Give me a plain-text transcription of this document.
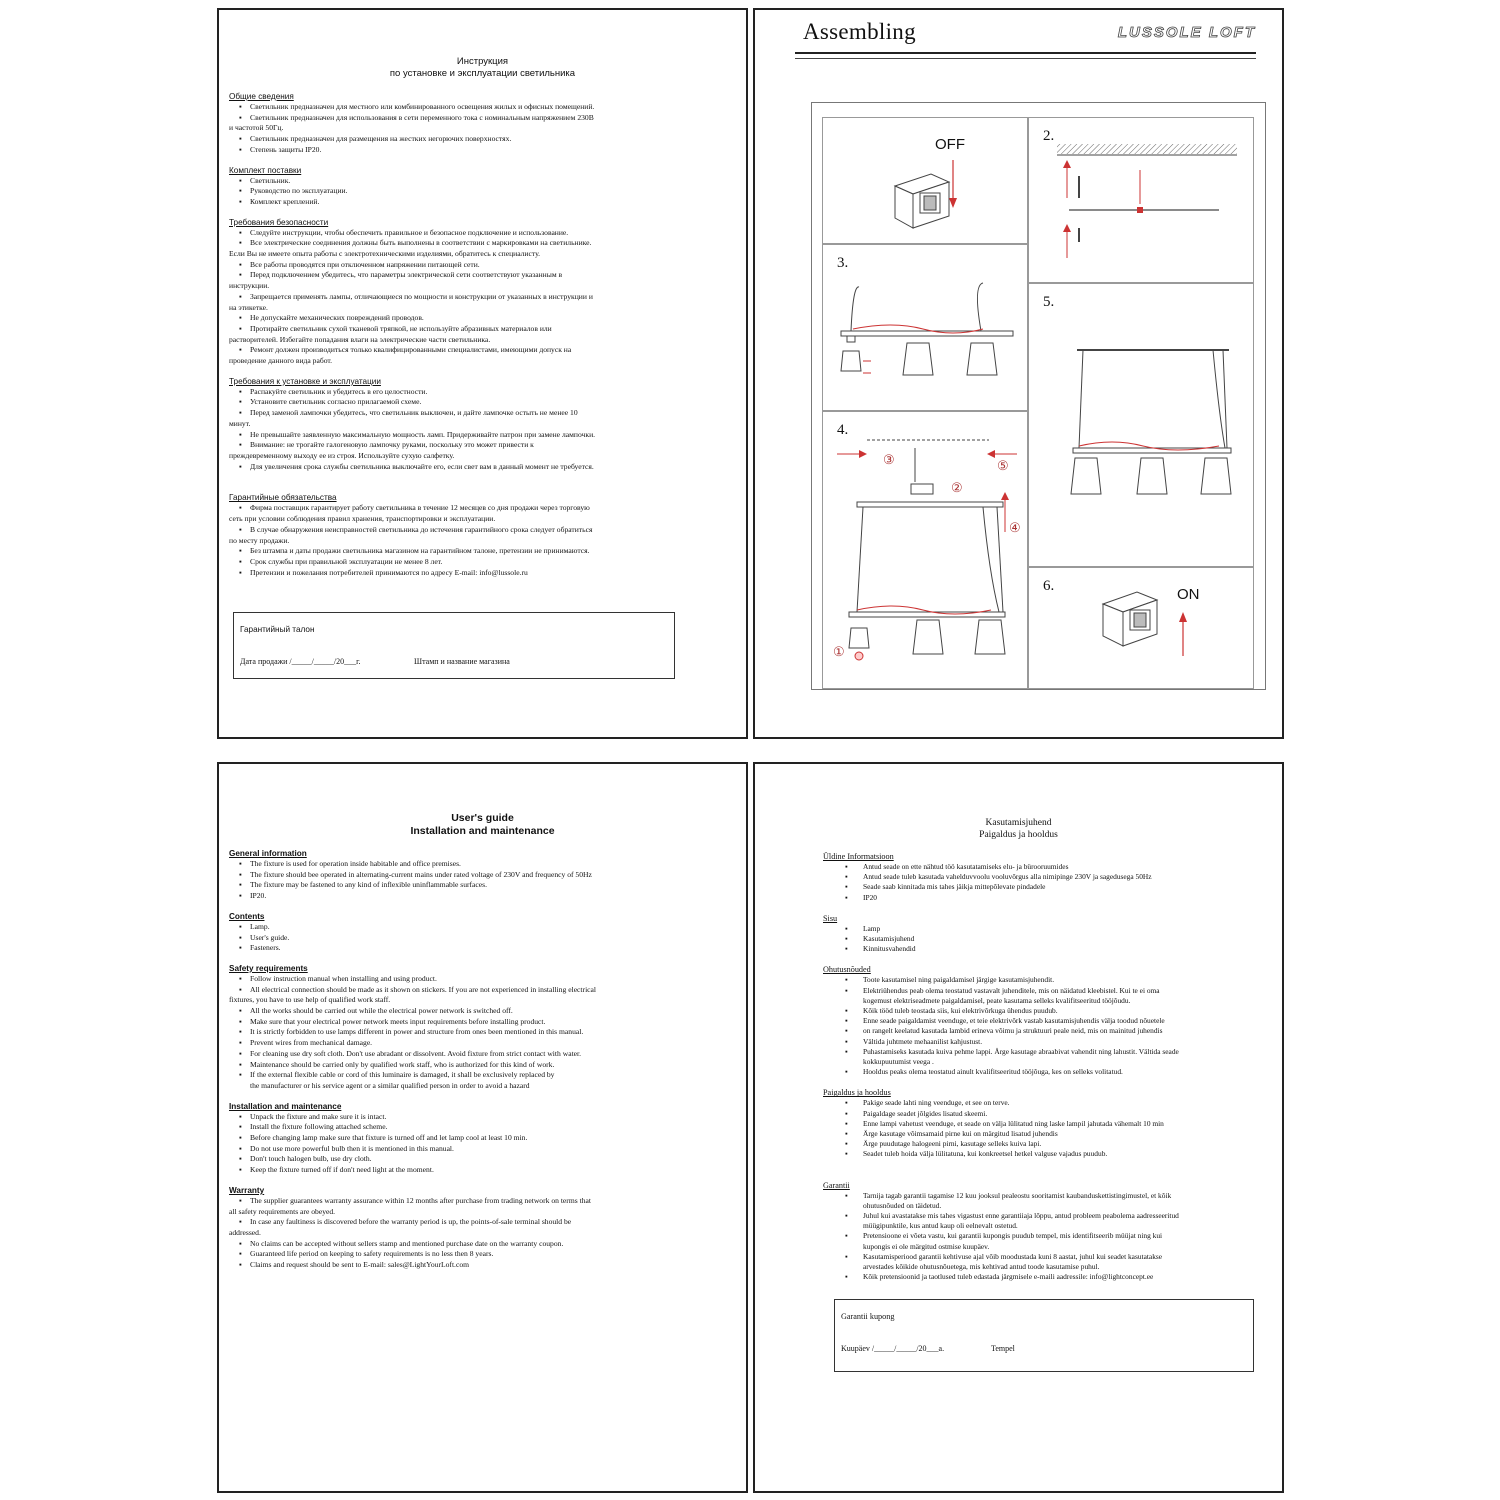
Инструкция
по установке и эксплуатации светильника
Общие сведения
▪ Светильник предназначен для местного или комбинированного освещения жилых и офисных помещений.
▪ Светильник предназначен для использования в сети переменного тока с номинальным напряжением 230В
и частотой 50Гц.
▪ Светильник предназначен для размещения на жестких негорючих поверхностях.
▪ Степень защиты IP20.
Комплект поставки
▪ Светильник.
▪ Руководство по эксплуатации.
▪ Комплект креплений.
Требования безопасности
▪ Следуйте инструкции, чтобы обеспечить правильное и безопасное подключение и использование.
▪ Все электрические соединения должны быть выполнены в соответствии с маркировками на светильнике.
Если Вы не имеете опыта работы с электротехническими изделиями, обратитесь к специалисту.
▪ Все работы проводятся при отключенном напряжении питающей сети.
▪ Перед подключением убедитесь, что параметры электрической сети соответствуют указанным в
инструкции.
▪ Запрещается применять лампы, отличающиеся по мощности и конструкции от указанных в инструкции и
на этикетке.
▪ Не допускайте механических повреждений проводов.
▪ Протирайте светильник сухой тканевой тряпкой, не используйте абразивных материалов или
растворителей. Избегайте попадания влаги на электрические части светильника.
▪ Ремонт должен производиться только квалифицированными специалистами, имеющими допуск на
проведение данного вида работ.
Требования к установке и эксплуатации
▪ Распакуйте светильник и убедитесь в его целостности.
▪ Установите светильник согласно прилагаемой схеме.
▪ Перед заменой лампочки убедитесь, что светильник выключен, и дайте лампочке остыть не менее 10
минут.
▪ Не превышайте заявленную максимальную мощность ламп. Придерживайте патрон при замене лампочки.
▪ Внимание: не трогайте галогеновую лампочку руками, поскольку это может привести к
преждевременному выходу ее из строя. Используйте сухую салфетку.
▪ Для увеличения срока службы светильника выключайте его, если свет вам в данный момент не требуется.
Гарантийные обязательства
▪ Фирма поставщик гарантирует работу светильника в течение 12 месяцев со дня продажи через торговую
сеть при условии соблюдения правил хранения, транспортировки и эксплуатации.
▪ В случае обнаружения неисправностей светильника до истечения гарантийного срока следует обратиться
по месту продажи.
▪ Без штампа и даты продажи светильника магазином на гарантийном талоне, претензии не принимаются.
▪ Срок службы при правильной эксплуатации не менее 8 лет.
▪ Претензии и пожелания потребителей принимаются по адресу E-mail: info@lussole.ru
Гарантийный талон
Дата продажи /_____/_____/20___г.	Штамп и название магазина
Assembling	LUSSOLE LOFT
OFF	2.
3.
4.
①
②
③
④
⑤
5.
6.	ON
User's guide
Installation and maintenance
General information
▪ The fixture is used for operation inside habitable and office premises.
▪ The fixture should bee operated in alternating-current mains under rated voltage of 230V and frequency of 50Hz
▪ The fixture may be fastened to any kind of inflexible uninflammable surfaces.
▪ IP20.
Contents
▪ Lamp.
▪ User's guide.
▪ Fasteners.
Safety requirements
▪ Follow instruction manual when installing and using product.
▪ All electrical connection should be made as it shown on stickers. If you are not experienced in installing electrical
fixtures, you have to use help of qualified work staff.
▪ All the works should be carried out while the electrical power network is switched off.
▪ Make sure that your electrical power network meets input requirements before installing product.
▪ It is strictly forbidden to use lamps different in power and structure from ones been mentioned in this manual.
▪ Prevent wires from mechanical damage.
▪ For cleaning use dry soft cloth. Don't use abradant or dissolvent. Avoid fixture from strict contact with water.
▪ Maintenance should be carried only by qualified work staff, who is authorized for this kind of work.
▪ If the external flexible cable or cord of this luminaire is damaged, it shall be exclusively replaced by
the manufacturer or his service agent or a similar qualified person in order to avoid a hazard
Installation and maintenance
▪ Unpack the fixture and make sure it is intact.
▪ Install the fixture following attached scheme.
▪ Before changing lamp make sure that fixture is turned off and let lamp cool at least 10 min.
▪ Do not use more powerful bulb then it is mentioned in this manual.
▪ Don't touch halogen bulb, use dry cloth.
▪ Keep the fixture turned off if don't need light at the moment.
Warranty
▪ The supplier guarantees warranty assurance within 12 months after purchase from trading network on terms that
all safety requirements are obeyed.
▪ In case any faultiness is discovered before the warranty period is up, the points-of-sale terminal should be
addressed.
▪ No claims can be accepted without sellers stamp and mentioned purchase date on the warranty coupon.
▪ Guaranteed life period on keeping to safety requirements is no less then 8 years.
▪ Claims and request should be sent to E-mail: sales@LightYourLoft.com
Kasutamisjuhend
Paigaldus ja hooldus
Üldine Informatsioon
▪ Antud seade on ette nähtud töö kasutatamiseks elu- ja bürooruumides
▪ Antud seade tuleb kasutada vahelduvvoolu vooluvõrgus alla nimipinge 230V ja sagedusega 50Hz
▪ Seade saab kinnitada mis tahes jäikja mittepõlevate pindadele
▪ IP20
Sisu
▪ Lamp
▪ Kasutamisjuhend
▪ Kinnitusvahendid
Ohutusnõuded
▪ Toote kasutamisel ning paigaldamisel järgige kasutamisjuhendit.
▪ Elektriühendus peab olema teostatud vastavalt juhenditele, mis on näidatud kleebistel. Kui te ei oma
kogemust elektriseadmete paigaldamisel, peate kasutama selleks kvalifitseeritud tööjõudu.
▪ Kõik tööd tuleb teostada siis, kui elektrivõrkuga ühendus puudub.
▪ Enne seade paigaldamist veenduge, et teie elektrivõrk vastab kasutamisjuhendis välja toodud nõuetele
▪ on rangelt keelatud kasutada lambid erineva võimu ja struktuuri peale neid, mis on mainitud juhendis
▪ Vältida juhtmete mehaanilist kahjustust.
▪ Puhastamiseks kasutada kuiva pehme lappi. Ärge kasutage abraabivat vahendit ning lahustit. Vältida seade
kokkupuutumist veega .
▪ Hooldus peaks olema teostatud ainult kvalifitseeritud tööjõuga, kes on selleks volitatud.
Paigaldus ja hooldus
▪ Pakige seade lahti ning veenduge, et see on terve.
▪ Paigaldage seadet jõlgides lisatud skeemi.
▪ Enne lampi vahetust veenduge, et seade on välja lülitatud ning laske lampil jahutada vähemalt 10 min
▪ Ärge kasutage võimsamaid pirne kui on märgitud lisatud juhendis
▪ Ärge puudutage halogeeni pirni, kasutage selleks kuiva lapi.
▪ Seadet tuleb hoida välja lülitatuna, kui konkreetsel hetkel valguse vajadus puudub.
Garantii
▪ Tarnija tagab garantii tagamise 12 kuu jooksul pealeostu sooritamist kaubanduskettistingimustel, et kõik
ohutusnõuded on täidetud.
▪ Juhul kui avastatakse mis tahes vigastust enne garantiiaja lõppu, antud probleem peabolema aadresseeritud
müügipunktile, kus antud kaup oli eelnevalt ostetud.
▪ Pretensioone ei võeta vastu, kui garantii kupongis puudub tempel, mis identifitseerib müüjat ning kui
kupongis ei ole märgitud ostmise kuupäev.
▪ Kasutamisperiood garantii kehtivuse ajal võib moodustada kuni 8 aastat, juhul kui seadet kasutatakse
arvestades kõikide ohutusnõuetega, mis kehtivad antud toode kasutamise puhul.
▪ Kõik pretensioonid ja taotlused tuleb edastada järgmisele e-maili aadressile: info@lightconcept.ee
Garantii kupong
Kuupäev /_____/_____/20___a.	Tempel
